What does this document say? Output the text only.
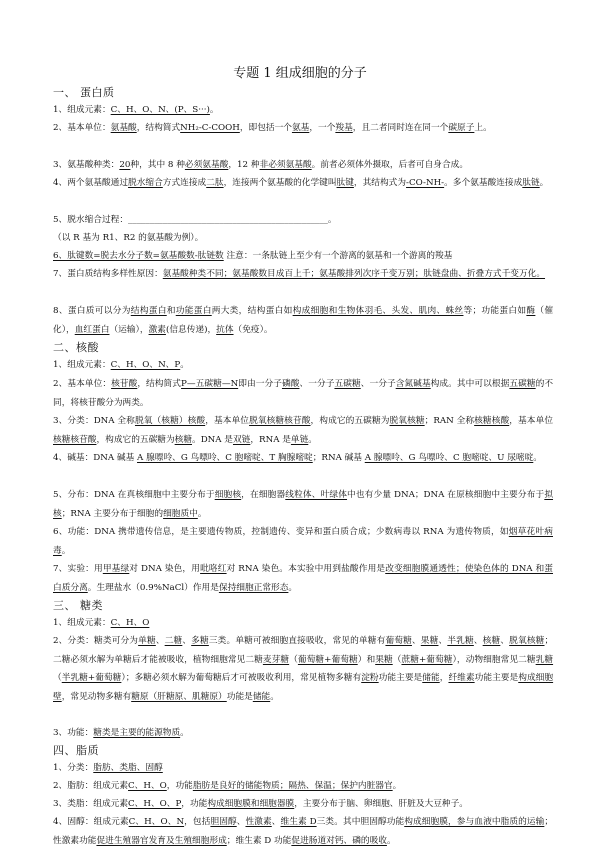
专题 1 组成细胞的分子
一、 蛋白质
1、组成元素：C、H、O、N、(P、S···)。
2、基本单位：氨基酸，结构简式NH₂-C-COOH，即包括一个氨基，一个羧基，且二者同时连在同一个碳原子上。
3、氨基酸种类：20种，其中 8 种必须氨基酸，12 种非必须氨基酸。前者必须体外摄取，后者可自身合成。
4、两个氨基酸通过脱水缩合方式连接成二肽，连接两个氨基酸的化学键叫肽键，其结构式为-CO-NH-。多个氨基酸连接成肽链。
5、脱水缩合过程：______________________________________________。
（以 R 基为 R1、R2 的氨基酸为例）。
6、肽键数=脱去水分子数=氨基酸数-肽链数 注意：一条肽链上至少有一个游离的氨基和一个游离的羧基
7、蛋白质结构多样性原因：氨基酸种类不同；氨基酸数目成百上千；氨基酸排列次序千变万别；肽链盘曲、折叠方式千变万化。
8、蛋白质可以分为结构蛋白和功能蛋白两大类，结构蛋白如构成细胞和生物体羽毛、头发、肌肉、蛛丝等；功能蛋白如酶（催化），血红蛋白（运输），激素(信息传递)，抗体（免疫）。
二、核酸
1、组成元素：C、H、O、N、P。
2、基本单位：核苷酸，结构简式P—五碳糖—N即由一分子磷酸、一分子五碳糖、一分子含氮碱基构成。其中可以根据五碳糖的不同，将核苷酸分为两类。
3、分类：DNA 全称脱氧（核糖）核酸，基本单位脱氧核糖核苷酸，构成它的五碳糖为脱氧核糖；RAN 全称核糖核酸，基本单位核糖核苷酸，构成它的五碳糖为核糖。DNA 是双链，RNA 是单链。
4、碱基：DNA 碱基 A 腺嘌呤、G 鸟嘌呤、C 胞嘧啶、T 胸腺嘧啶；RNA 碱基 A 腺嘌呤、G 鸟嘌呤、C 胞嘧啶、U 尿嘧啶。
5、分布：DNA 在真核细胞中主要分布于细胞核，在细胞器线粒体、叶绿体中也有少量 DNA；DNA 在原核细胞中主要分布于拟核；RNA 主要分布于细胞的细胞质中。
6、功能：DNA 携带遗传信息，是主要遗传物质，控制遗传、变异和蛋白质合成；少数病毒以 RNA 为遗传物质，如烟草花叶病毒。
7、实验：用甲基绿对 DNA 染色，用吡咯红对 RNA 染色。本实验中用到盐酸作用是改变细胞膜通透性；使染色体的 DNA 和蛋白质分离。生理盐水（0.9%NaCl）作用是保持细胞正常形态。
三、 糖类
1、组成元素：C、H、O
2、分类：糖类可分为单糖、二糖、多糖三类。单糖可被细胞直接吸收，常见的单糖有葡萄糖、果糖、半乳糖、核糖、脱氧核糖；二糖必须水解为单糖后才能被吸收，植物细胞常见二糖麦芽糖（葡萄糖+葡萄糖）和果糖（蔗糖+葡萄糖），动物细胞常见二糖乳糖（半乳糖+葡萄糖）；多糖必须水解为葡萄糖后才可被吸收利用，常见植物多糖有淀粉功能主要是储能，纤维素功能主要是构成细胞壁，常见动物多糖有糖原（肝糖原、肌糖原）功能是储能。
3、功能：糖类是主要的能源物质。
四、脂质
1、分类：脂肪、类脂、固醇
2、脂肪：组成元素C、H、O，功能脂肪是良好的储能物质；隔热、保温；保护内脏器官。
3、类脂：组成元素C、H、O、P，功能构成细胞膜和细胞器膜，主要分布于脑、卵细胞、肝脏及大豆种子。
4、固醇：组成元素C、H、O、N，包括胆固醇、性激素、维生素 D三类。其中胆固醇功能构成细胞膜，参与血液中脂质的运输；性激素功能促进生殖器官发育及生殖细胞形成；维生素 D 功能促进肠道对钙、磷的吸收。
